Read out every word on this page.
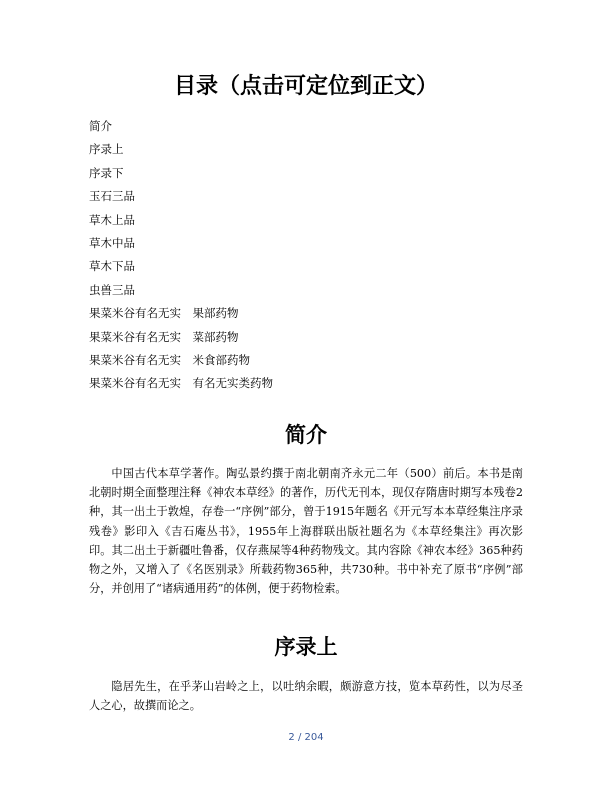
目录（点击可定位到正文）
简介
序录上
序录下
玉石三品
草木上品
草木中品
草木下品
虫兽三品
果菜米谷有名无实　果部药物
果菜米谷有名无实　菜部药物
果菜米谷有名无实　米食部药物
果菜米谷有名无实　有名无实类药物
简介

中国古代本草学著作。陶弘景约撰于南北朝南齐永元二年（500）前后。本书是南北朝时期全面整理注释《神农本草经》的著作，历代无刊本，现仅存隋唐时期写本残卷2种，其一出土于敦煌，存卷一“序例”部分，曾于1915年题名《开元写本本草经集注序录残卷》影印入《吉石庵丛书》，1955年上海群联出版社题名为《本草经集注》再次影印。其二出土于新疆吐鲁番，仅存燕屎等4种药物残文。其内容除《神农本经》365种药物之外，又增入了《名医别录》所载药物365种，共730种。书中补充了原书“序例”部分，并创用了“诸病通用药”的体例，便于药物检索。

序录上

隐居先生，在乎茅山岩岭之上，以吐纳余暇，颇游意方技，览本草药性，以为尽圣人之心，故撰而论之。

2 / 204
